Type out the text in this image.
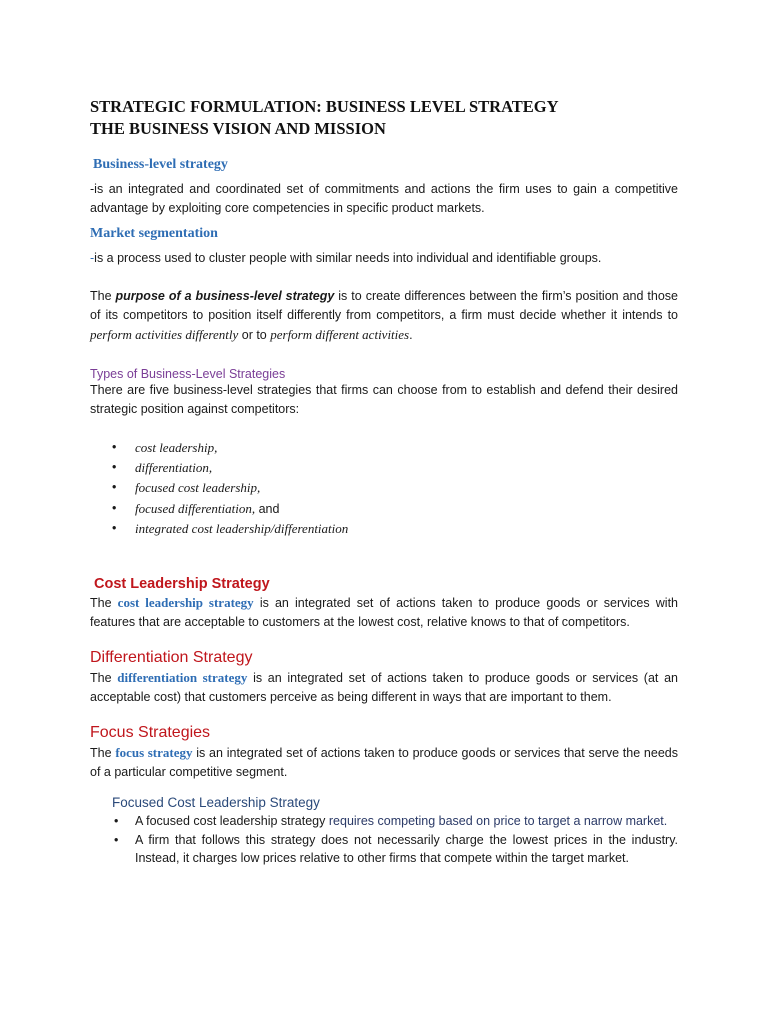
STRATEGIC FORMULATION: BUSINESS LEVEL STRATEGY
THE BUSINESS VISION AND MISSION
Business-level strategy

-is an integrated and coordinated set of commitments and actions the firm uses to gain a competitive advantage by exploiting core competencies in specific product markets.

Market segmentation

-is a process used to cluster people with similar needs into individual and identifiable groups.

The purpose of a business-level strategy is to create differences between the firm’s position and those of its competitors to position itself differently from competitors, a firm must decide whether it intends to perform activities differently or to perform different activities.

Types of Business-Level Strategies

There are five business-level strategies that firms can choose from to establish and defend their desired strategic position against competitors:

• cost leadership,
• differentiation,
• focused cost leadership,
• focused differentiation, and
• integrated cost leadership/differentiation
Cost Leadership Strategy

The cost leadership strategy is an integrated set of actions taken to produce goods or services with features that are acceptable to customers at the lowest cost, relative knows to that of competitors.

Differentiation Strategy

The differentiation strategy is an integrated set of actions taken to produce goods or services (at an acceptable cost) that customers perceive as being different in ways that are important to them.

Focus Strategies

The focus strategy is an integrated set of actions taken to produce goods or services that serve the needs of a particular competitive segment.

Focused Cost Leadership Strategy
• A focused cost leadership strategy requires competing based on price to target a narrow market.
• A firm that follows this strategy does not necessarily charge the lowest prices in the industry. Instead, it charges low prices relative to other firms that compete within the target market.
